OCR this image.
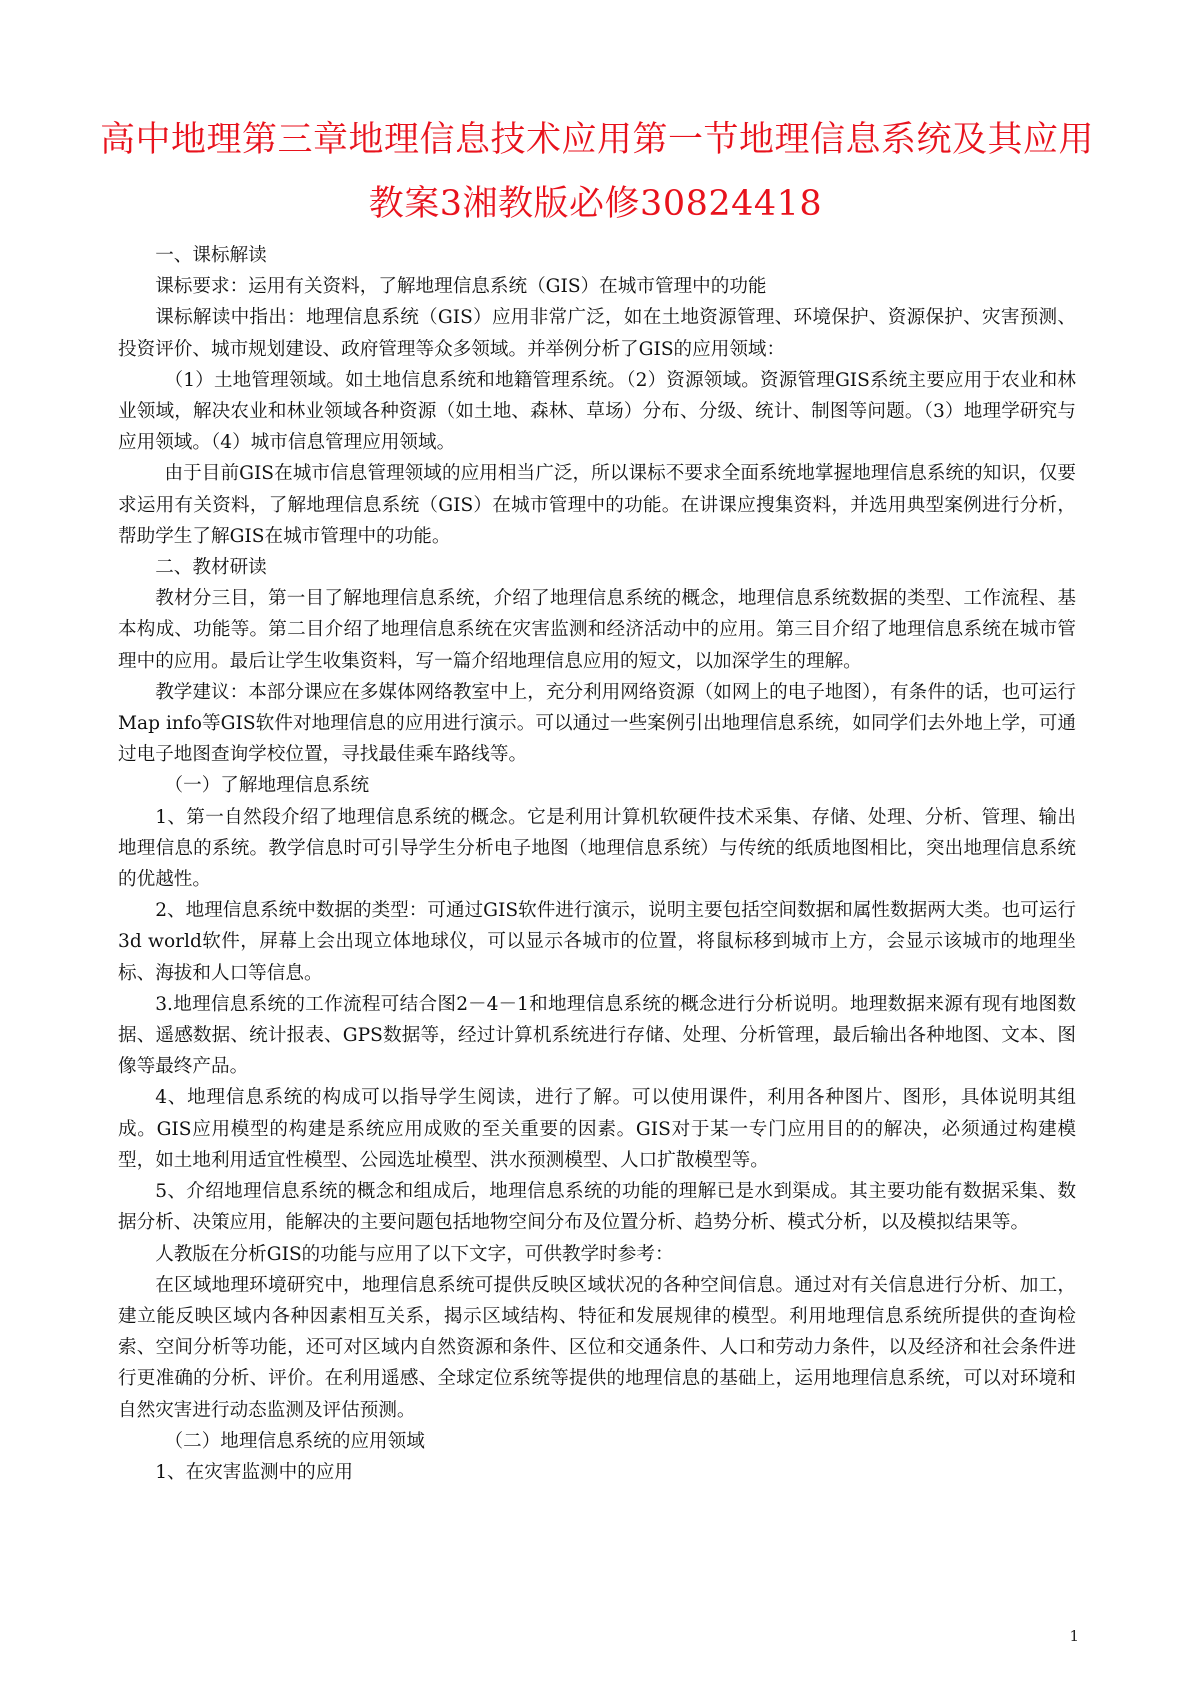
高中地理第三章地理信息技术应用第一节地理信息系统及其应用
教案3湘教版必修30824418

一、课标解读

课标要求：运用有关资料，了解地理信息系统（GIS）在城市管理中的功能

课标解读中指出：地理信息系统（GIS）应用非常广泛，如在土地资源管理、环境保护、资源保护、灾害预测、投资评价、城市规划建设、政府管理等众多领域。并举例分析了GIS的应用领域：

（1）土地管理领域。如土地信息系统和地籍管理系统。（2）资源领域。资源管理GIS系统主要应用于农业和林业领域，解决农业和林业领域各种资源（如土地、森林、草场）分布、分级、统计、制图等问题。（3）地理学研究与应用领域。（4）城市信息管理应用领域。

由于目前GIS在城市信息管理领域的应用相当广泛，所以课标不要求全面系统地掌握地理信息系统的知识，仅要求运用有关资料，了解地理信息系统（GIS）在城市管理中的功能。在讲课应搜集资料，并选用典型案例进行分析，帮助学生了解GIS在城市管理中的功能。

二、教材研读

教材分三目，第一目了解地理信息系统，介绍了地理信息系统的概念，地理信息系统数据的类型、工作流程、基本构成、功能等。第二目介绍了地理信息系统在灾害监测和经济活动中的应用。第三目介绍了地理信息系统在城市管理中的应用。最后让学生收集资料，写一篇介绍地理信息应用的短文，以加深学生的理解。

教学建议：本部分课应在多媒体网络教室中上，充分利用网络资源（如网上的电子地图），有条件的话，也可运行Map info等GIS软件对地理信息的应用进行演示。可以通过一些案例引出地理信息系统，如同学们去外地上学，可通过电子地图查询学校位置，寻找最佳乘车路线等。

（一）了解地理信息系统

1、第一自然段介绍了地理信息系统的概念。它是利用计算机软硬件技术采集、存储、处理、分析、管理、输出地理信息的系统。教学信息时可引导学生分析电子地图（地理信息系统）与传统的纸质地图相比，突出地理信息系统的优越性。

2、地理信息系统中数据的类型：可通过GIS软件进行演示，说明主要包括空间数据和属性数据两大类。也可运行3d world软件，屏幕上会出现立体地球仪，可以显示各城市的位置，将鼠标移到城市上方，会显示该城市的地理坐标、海拔和人口等信息。

3.地理信息系统的工作流程可结合图2－4－1和地理信息系统的概念进行分析说明。地理数据来源有现有地图数据、遥感数据、统计报表、GPS数据等，经过计算机系统进行存储、处理、分析管理，最后输出各种地图、文本、图像等最终产品。

4、地理信息系统的构成可以指导学生阅读，进行了解。可以使用课件，利用各种图片、图形，具体说明其组成。GIS应用模型的构建是系统应用成败的至关重要的因素。GIS对于某一专门应用目的的解决，必须通过构建模型，如土地利用适宜性模型、公园选址模型、洪水预测模型、人口扩散模型等。

5、介绍地理信息系统的概念和组成后，地理信息系统的功能的理解已是水到渠成。其主要功能有数据采集、数据分析、决策应用，能解决的主要问题包括地物空间分布及位置分析、趋势分析、模式分析，以及模拟结果等。

人教版在分析GIS的功能与应用了以下文字，可供教学时参考：

在区域地理环境研究中，地理信息系统可提供反映区域状况的各种空间信息。通过对有关信息进行分析、加工，建立能反映区域内各种因素相互关系，揭示区域结构、特征和发展规律的模型。利用地理信息系统所提供的查询检索、空间分析等功能，还可对区域内自然资源和条件、区位和交通条件、人口和劳动力条件，以及经济和社会条件进行更准确的分析、评价。在利用遥感、全球定位系统等提供的地理信息的基础上，运用地理信息系统，可以对环境和自然灾害进行动态监测及评估预测。

（二）地理信息系统的应用领域

1、在灾害监测中的应用

1
